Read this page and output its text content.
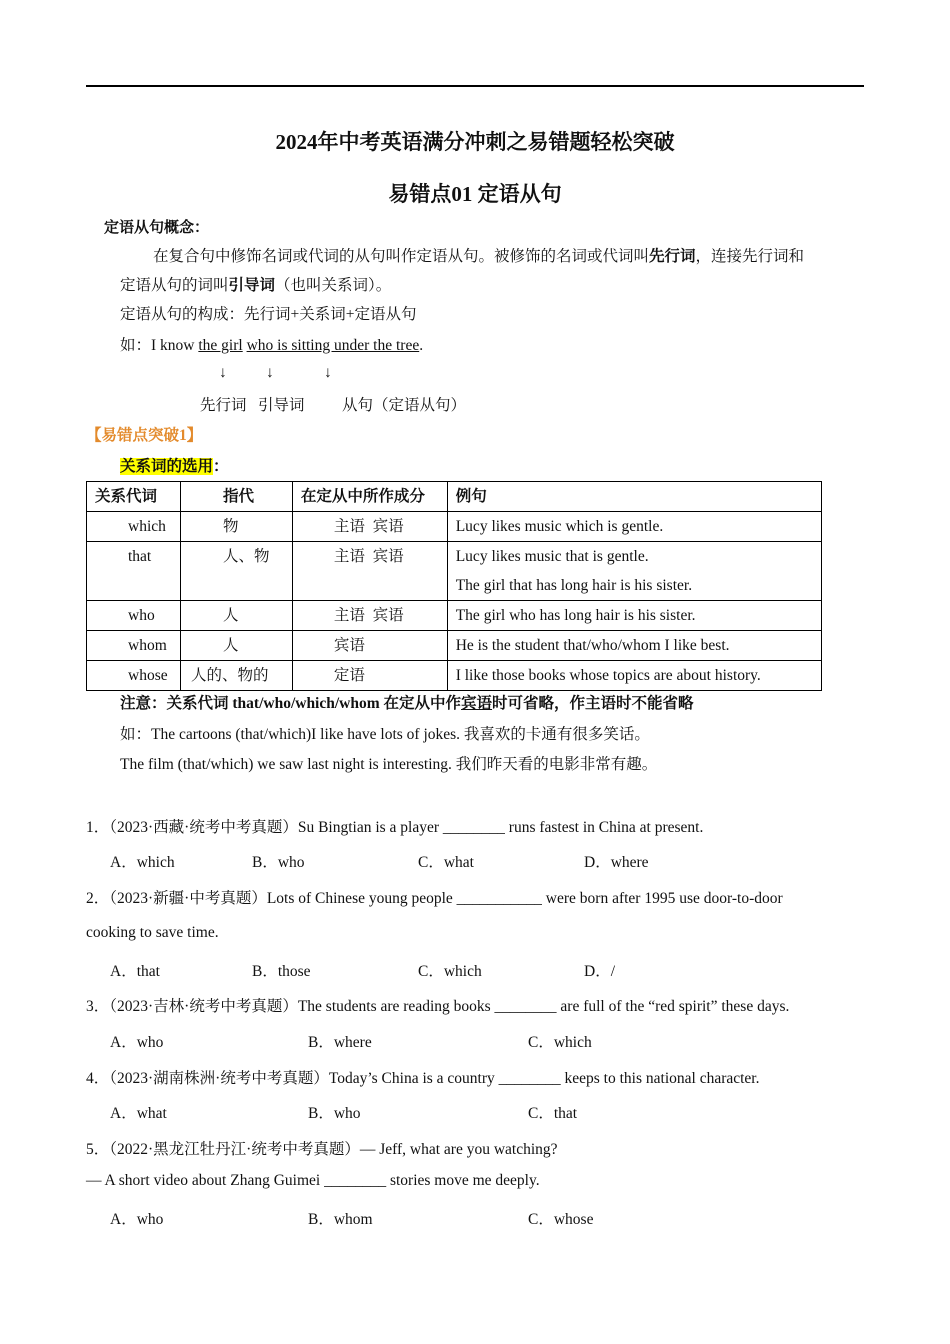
2024年中考英语满分冲刺之易错题轻松突破
易错点01 定语从句
定语从句概念：
在复合句中修饰名词或代词的从句叫作定语从句。被修饰的名词或代词叫先行词，连接先行词和
定语从句的词叫引导词（也叫关系词）。
定语从句的构成：先行词+关系词+定语从句
如：I know the girl who is sitting under the tree.
↓	↓	↓
先行词 引导词 从句（定语从句）
【易错点突破1】
关系词的选用：
关系代词	指代	在定从中所作成分	例句
which	物	主语  宾语	Lucy likes music which is gentle.
that	人、物	主语  宾语	Lucy likes music that is gentle.
The girl that has long hair is his sister.

who	人	主语  宾语	The girl who has long hair is his sister.
whom	人	宾语	He is the student that/who/whom I like best.
whose	人的、物的	定语	I like those books whose topics are about history.
注意：关系代词 that/who/which/whom 在定从中作宾语时可省略，作主语时不能省略
如：The cartoons (that/which)I like have lots of jokes. 我喜欢的卡通有很多笑话。
The film (that/which) we saw last night is interesting. 我们昨天看的电影非常有趣。
1．（2023·西藏·统考中考真题）Su Bingtian is a player ________ runs fastest in China at present.
A．which	B．who	C．what	D．where
2．（2023·新疆·中考真题）Lots of Chinese young people ___________ were born after 1995 use door-to-door
cooking to save time.
A．that	B．those	C．which	D．/
3．（2023·吉林·统考中考真题）The students are reading books ________ are full of the “red spirit” these days.
A．who	B．where	C．which
4．（2023·湖南株洲·统考中考真题）Today’s China is a country ________ keeps to this national character.
A．what	B．who	C．that
5．（2022·黑龙江牡丹江·统考中考真题）— Jeff, what are you watching?
— A short video about Zhang Guimei ________ stories move me deeply.
A．who	B．whom	C．whose
